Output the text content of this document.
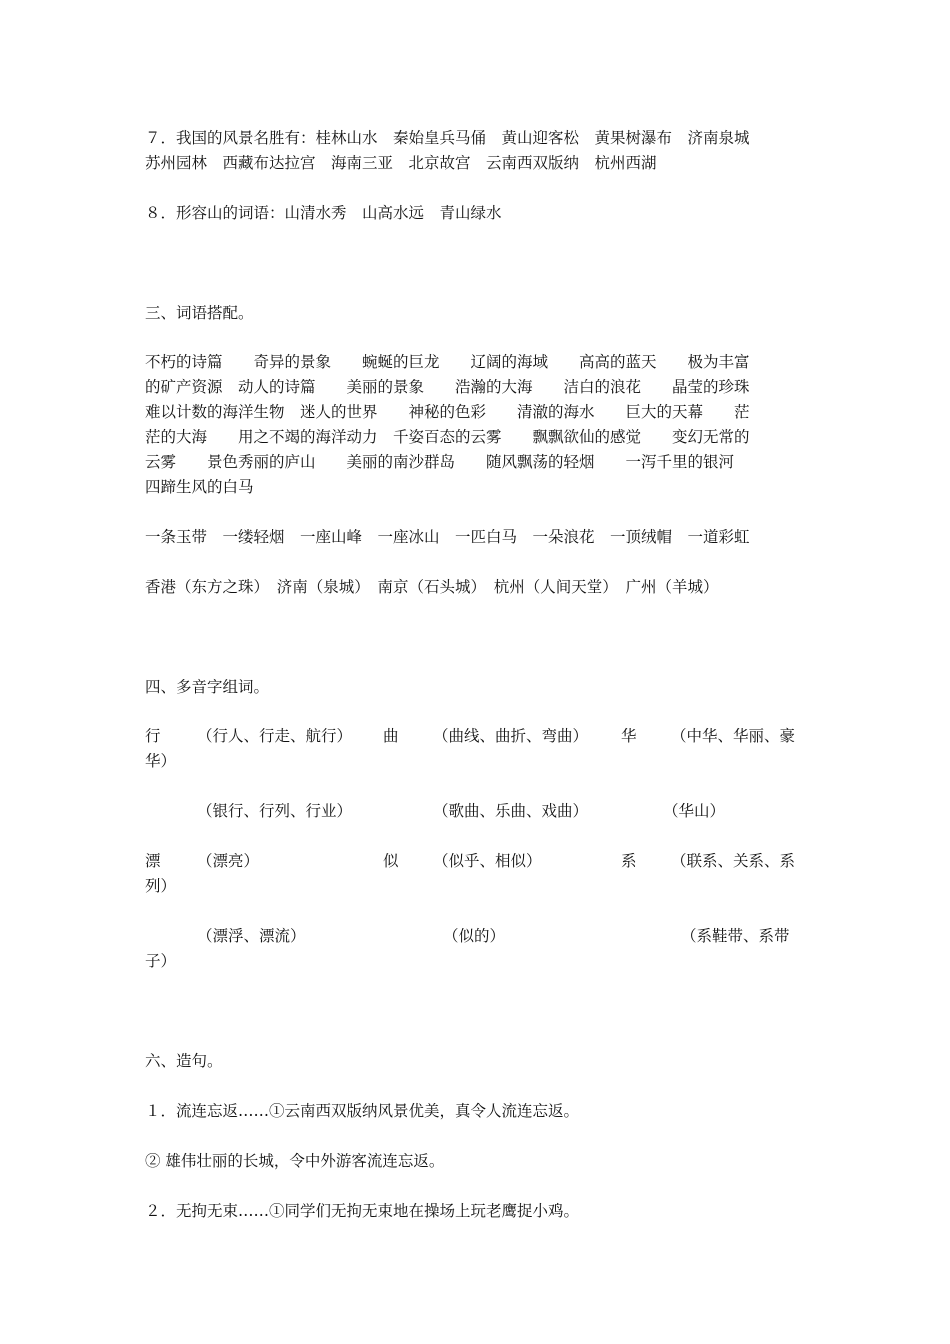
７．我国的风景名胜有：桂林山水　秦始皇兵马俑　黄山迎客松　黄果树瀑布　济南泉城
苏州园林　西藏布达拉宫　海南三亚　北京故宫　云南西双版纳　杭州西湖
８．形容山的词语：山清水秀　山高水远　青山绿水
三、词语搭配。
不朽的诗篇　　奇异的景象　　蜿蜒的巨龙　　辽阔的海域　　高高的蓝天　　极为丰富
的矿产资源　动人的诗篇　　美丽的景象　　浩瀚的大海　　洁白的浪花　　晶莹的珍珠
难以计数的海洋生物　迷人的世界　　神秘的色彩　　清澈的海水　　巨大的天幕　　茫
茫的大海　　用之不竭的海洋动力　千姿百态的云雾　　飘飘欲仙的感觉　　变幻无常的
云雾　　景色秀丽的庐山　　美丽的南沙群岛　　随风飘荡的轻烟　　一泻千里的银河
四蹄生风的白马
一条玉带　一缕轻烟　一座山峰　一座冰山　一匹白马　一朵浪花　一顶绒帽　一道彩虹
香港（东方之珠）　济南（泉城）　南京（石头城）　杭州（人间天堂）　广州（羊城）
四、多音字组词。
行 （行人、行走、航行） 曲 （曲线、曲折、弯曲） 华 （中华、华丽、豪
华）
（银行、行列、行业）	（歌曲、乐曲、戏曲）	（华山）
漂 （漂亮）	似 （似乎、相似）	系 （联系、关系、系
列）
（漂浮、漂流）	（似的）	（系鞋带、系带
子）
六、造句。
１．流连忘返……①云南西双版纳风景优美，真令人流连忘返。
② 雄伟壮丽的长城，令中外游客流连忘返。
２．无拘无束……①同学们无拘无束地在操场上玩老鹰捉小鸡。
